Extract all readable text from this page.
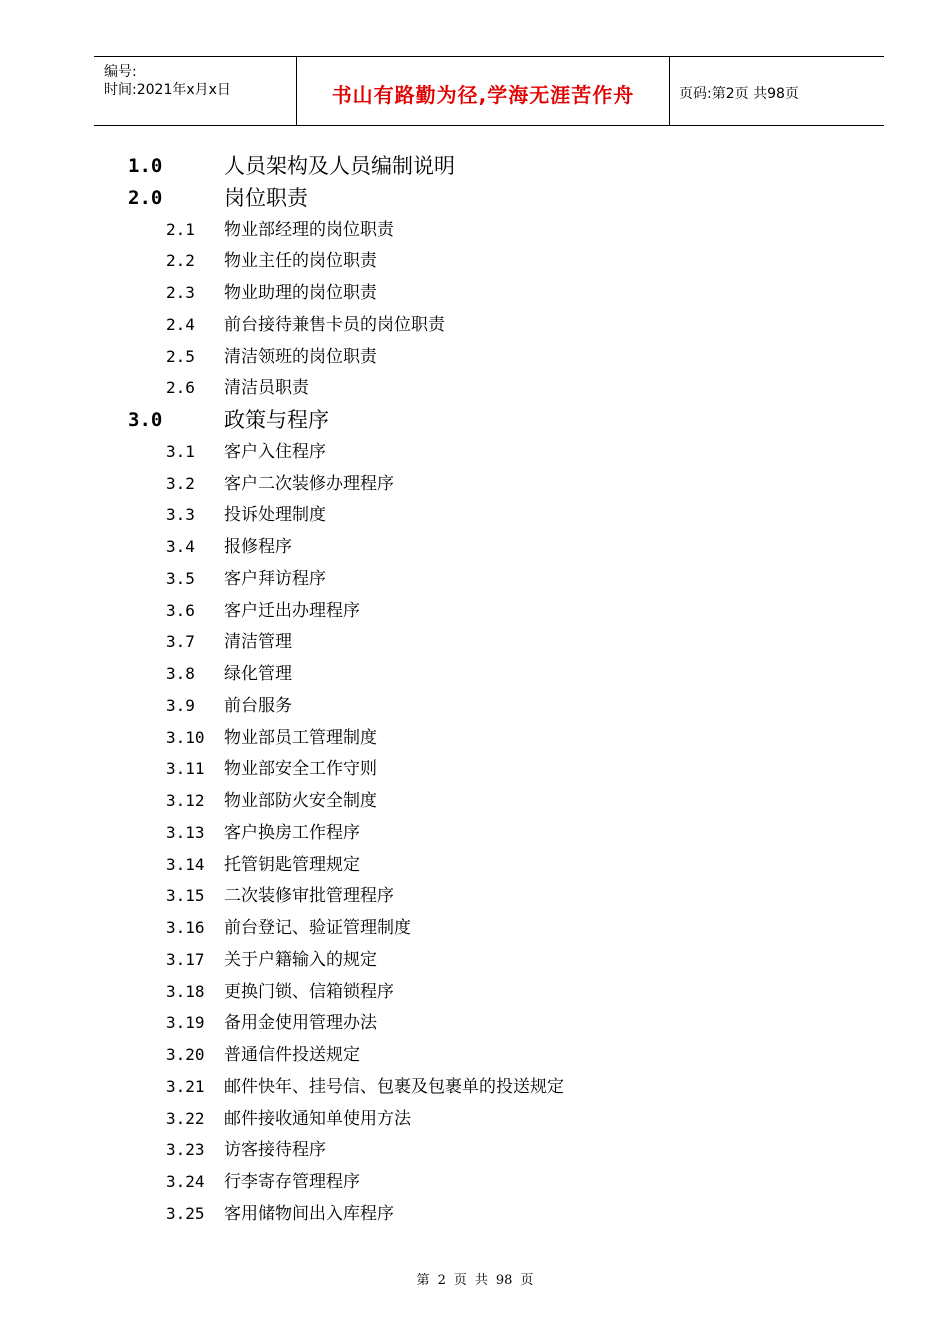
编号:
时间:2021年x月x日	书山有路勤为径,学海无涯苦作舟	页码:第2页 共98页
1.0	人员架构及人员编制说明
2.0	岗位职责
2.1 物业部经理的岗位职责
2.2 物业主任的岗位职责
2.3 物业助理的岗位职责
2.4 前台接待兼售卡员的岗位职责
2.5 清洁领班的岗位职责
2.6 清洁员职责
3.0	政策与程序
3.1 客户入住程序
3.2 客户二次装修办理程序
3.3 投诉处理制度
3.4 报修程序
3.5 客户拜访程序
3.6 客户迁出办理程序
3.7 清洁管理
3.8 绿化管理
3.9 前台服务
3.10 物业部员工管理制度
3.11 物业部安全工作守则
3.12 物业部防火安全制度
3.13 客户换房工作程序
3.14 托管钥匙管理规定
3.15 二次装修审批管理程序
3.16 前台登记、验证管理制度
3.17 关于户籍输入的规定
3.18 更换门锁、信箱锁程序
3.19 备用金使用管理办法
3.20 普通信件投送规定
3.21 邮件快年、挂号信、包裹及包裹单的投送规定
3.22 邮件接收通知单使用方法
3.23 访客接待程序
3.24 行李寄存管理程序
3.25 客用储物间出入库程序
第 2 页 共 98 页
